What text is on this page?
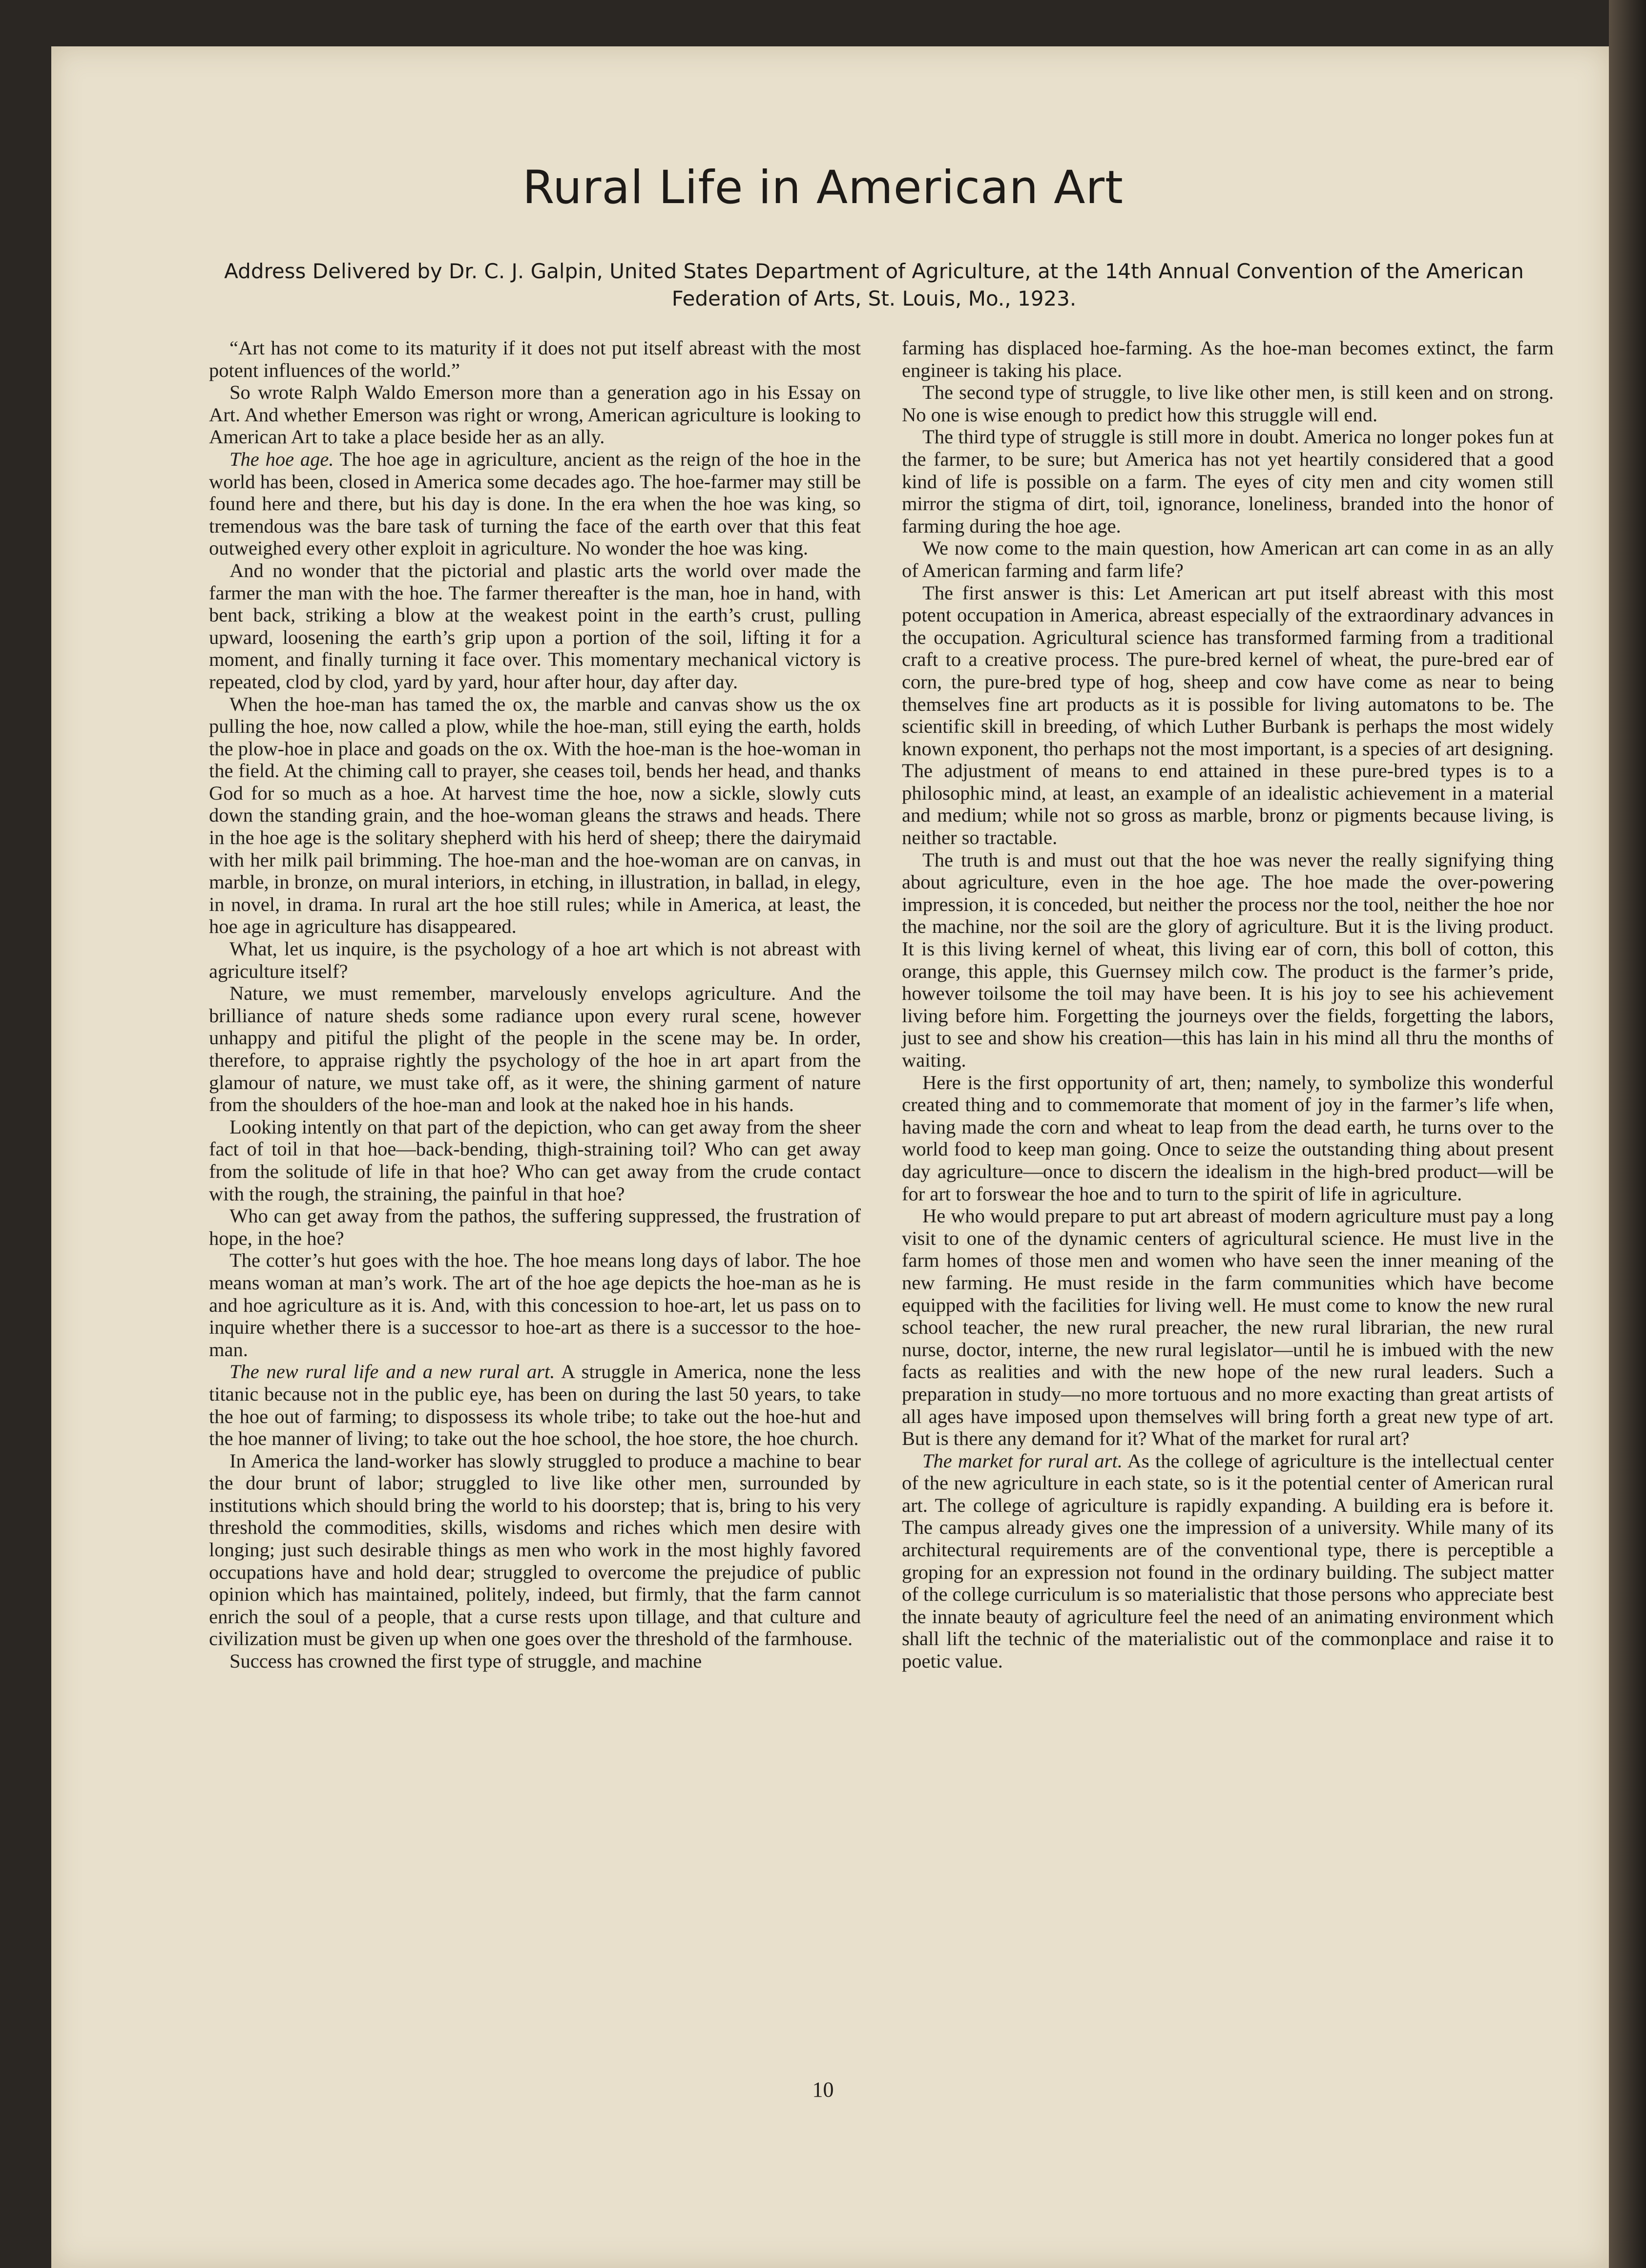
Rural Life in American Art
Address Delivered by Dr. C. J. Galpin, United States Department of Agriculture, at the 14th Annual Convention of the American Federation of Arts, St. Louis, Mo., 1923.

“Art has not come to its maturity if it does not put itself abreast with the most potent influences of the world.”

So wrote Ralph Waldo Emerson more than a generation ago in his Essay on Art. And whether Emerson was right or wrong, American agriculture is looking to American Art to take a place beside her as an ally.

The hoe age. The hoe age in agriculture, ancient as the reign of the hoe in the world has been, closed in America some decades ago. The hoe-farmer may still be found here and there, but his day is done. In the era when the hoe was king, so tremendous was the bare task of turning the face of the earth over that this feat outweighed every other exploit in agriculture. No wonder the hoe was king.

And no wonder that the pictorial and plastic arts the world over made the farmer the man with the hoe. The farmer thereafter is the man, hoe in hand, with bent back, striking a blow at the weakest point in the earth’s crust, pulling upward, loosening the earth’s grip upon a portion of the soil, lifting it for a moment, and finally turning it face over. This momentary mechanical victory is repeated, clod by clod, yard by yard, hour after hour, day after day.

When the hoe-man has tamed the ox, the marble and canvas show us the ox pulling the hoe, now called a plow, while the hoe-man, still eying the earth, holds the plow-hoe in place and goads on the ox. With the hoe-man is the hoe-woman in the field. At the chiming call to prayer, she ceases toil, bends her head, and thanks God for so much as a hoe. At harvest time the hoe, now a sickle, slowly cuts down the standing grain, and the hoe-woman gleans the straws and heads. There in the hoe age is the solitary shepherd with his herd of sheep; there the dairymaid with her milk pail brimming. The hoe-man and the hoe-woman are on canvas, in marble, in bronze, on mural interiors, in etching, in illustration, in ballad, in elegy, in novel, in drama. In rural art the hoe still rules; while in America, at least, the hoe age in agriculture has disappeared.

What, let us inquire, is the psychology of a hoe art which is not abreast with agriculture itself?

Nature, we must remember, marvelously envelops agriculture. And the brilliance of nature sheds some radiance upon every rural scene, however unhappy and pitiful the plight of the people in the scene may be. In order, therefore, to appraise rightly the psychology of the hoe in art apart from the glamour of nature, we must take off, as it were, the shining garment of nature from the shoulders of the hoe-man and look at the naked hoe in his hands.

Looking intently on that part of the depiction, who can get away from the sheer fact of toil in that hoe—back-bending, thigh-straining toil? Who can get away from the solitude of life in that hoe? Who can get away from the crude contact with the rough, the straining, the painful in that hoe?

Who can get away from the pathos, the suffering suppressed, the frustration of hope, in the hoe?

The cotter’s hut goes with the hoe. The hoe means long days of labor. The hoe means woman at man’s work. The art of the hoe age depicts the hoe-man as he is and hoe agriculture as it is. And, with this concession to hoe-art, let us pass on to inquire whether there is a successor to hoe-art as there is a successor to the hoe-man.

The new rural life and a new rural art. A struggle in America, none the less titanic because not in the public eye, has been on during the last 50 years, to take the hoe out of farming; to dispossess its whole tribe; to take out the hoe-hut and the hoe manner of living; to take out the hoe school, the hoe store, the hoe church.

In America the land-worker has slowly struggled to produce a machine to bear the dour brunt of labor; struggled to live like other men, surrounded by institutions which should bring the world to his doorstep; that is, bring to his very threshold the commodities, skills, wisdoms and riches which men desire with longing; just such desirable things as men who work in the most highly favored occupations have and hold dear; struggled to overcome the prejudice of public opinion which has maintained, politely, indeed, but firmly, that the farm cannot enrich the soul of a people, that a curse rests upon tillage, and that culture and civilization must be given up when one goes over the threshold of the farmhouse.

Success has crowned the first type of struggle, and machine

farming has displaced hoe-farming. As the hoe-man becomes extinct, the farm engineer is taking his place.

The second type of struggle, to live like other men, is still keen and on strong. No one is wise enough to predict how this struggle will end.

The third type of struggle is still more in doubt. America no longer pokes fun at the farmer, to be sure; but America has not yet heartily considered that a good kind of life is possible on a farm. The eyes of city men and city women still mirror the stigma of dirt, toil, ignorance, loneliness, branded into the honor of farming during the hoe age.

We now come to the main question, how American art can come in as an ally of American farming and farm life?

The first answer is this: Let American art put itself abreast with this most potent occupation in America, abreast especially of the extraordinary advances in the occupation. Agricultural science has transformed farming from a traditional craft to a creative process. The pure-bred kernel of wheat, the pure-bred ear of corn, the pure-bred type of hog, sheep and cow have come as near to being themselves fine art products as it is possible for living automatons to be. The scientific skill in breeding, of which Luther Burbank is perhaps the most widely known exponent, tho perhaps not the most important, is a species of art designing. The adjustment of means to end attained in these pure-bred types is to a philosophic mind, at least, an example of an idealistic achievement in a material and medium; while not so gross as marble, bronz or pigments because living, is neither so tractable.

The truth is and must out that the hoe was never the really signifying thing about agriculture, even in the hoe age. The hoe made the over-powering impression, it is conceded, but neither the process nor the tool, neither the hoe nor the machine, nor the soil are the glory of agriculture. But it is the living product. It is this living kernel of wheat, this living ear of corn, this boll of cotton, this orange, this apple, this Guernsey milch cow. The product is the farmer’s pride, however toilsome the toil may have been. It is his joy to see his achievement living before him. Forgetting the journeys over the fields, forgetting the labors, just to see and show his creation—this has lain in his mind all thru the months of waiting.

Here is the first opportunity of art, then; namely, to symbolize this wonderful created thing and to commemorate that moment of joy in the farmer’s life when, having made the corn and wheat to leap from the dead earth, he turns over to the world food to keep man going. Once to seize the outstanding thing about present day agriculture—once to discern the idealism in the high-bred product—will be for art to forswear the hoe and to turn to the spirit of life in agriculture.

He who would prepare to put art abreast of modern agriculture must pay a long visit to one of the dynamic centers of agricultural science. He must live in the farm homes of those men and women who have seen the inner meaning of the new farming. He must reside in the farm communities which have become equipped with the facilities for living well. He must come to know the new rural school teacher, the new rural preacher, the new rural librarian, the new rural nurse, doctor, interne, the new rural legislator—until he is imbued with the new facts as realities and with the new hope of the new rural leaders. Such a preparation in study—no more tortuous and no more exacting than great artists of all ages have imposed upon themselves will bring forth a great new type of art. But is there any demand for it? What of the market for rural art?

The market for rural art. As the college of agriculture is the intellectual center of the new agriculture in each state, so is it the potential center of American rural art. The college of agriculture is rapidly expanding. A building era is before it. The campus already gives one the impression of a university. While many of its architectural requirements are of the conventional type, there is perceptible a groping for an expression not found in the ordinary building. The subject matter of the college curriculum is so materialistic that those persons who appreciate best the innate beauty of agriculture feel the need of an animating environment which shall lift the technic of the materialistic out of the commonplace and raise it to poetic value.

10
